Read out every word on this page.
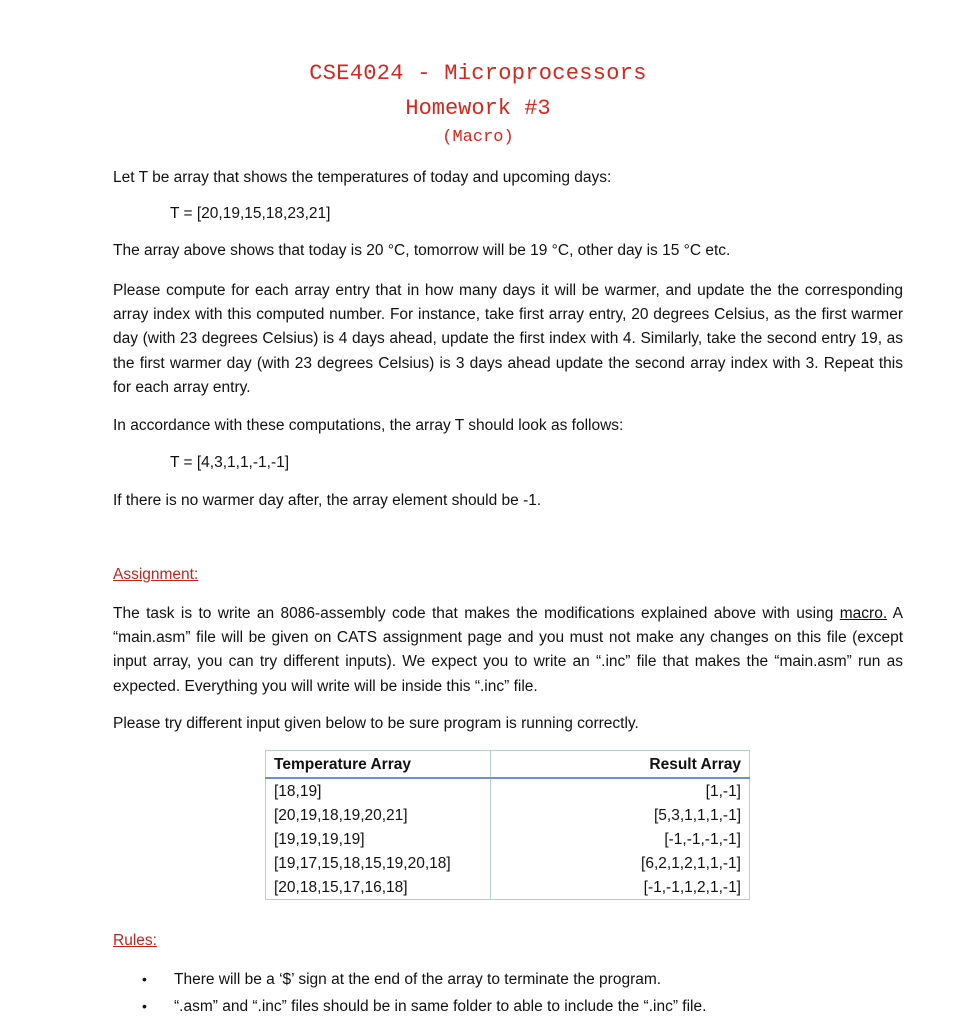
CSE4024 - Microprocessors
Homework #3
(Macro)

Let T be array that shows the temperatures of today and upcoming days:

T = [20,19,15,18,23,21]

The array above shows that today is 20 °C, tomorrow will be 19 °C, other day is 15 °C etc.

Please compute for each array entry that in how many days it will be warmer, and update the the corresponding array index with this computed number. For instance, take first array entry, 20 degrees Celsius, as the first warmer day (with 23 degrees Celsius) is 4 days ahead, update the first index with 4. Similarly, take the second entry 19, as the first warmer day (with 23 degrees Celsius) is 3 days ahead update the second array index with 3. Repeat this for each array entry.

In accordance with these computations, the array T should look as follows:

T = [4,3,1,1,-1,-1]

If there is no warmer day after, the array element should be -1.

Assignment:

The task is to write an 8086-assembly code that makes the modifications explained above with using macro. A “main.asm” file will be given on CATS assignment page and you must not make any changes on this file (except input array, you can try different inputs). We expect you to write an “.inc” file that makes the “main.asm” run as expected. Everything you will write will be inside this “.inc” file.

Please try different input given below to be sure program is running correctly.

Temperature Array	Result Array
[18,19]	[1,-1]
[20,19,18,19,20,21]	[5,3,1,1,1,-1]
[19,19,19,19]	[-1,-1,-1,-1]
[19,17,15,18,15,19,20,18]	[6,2,1,2,1,1,-1]
[20,18,15,17,16,18]	[-1,-1,1,2,1,-1]

Rules:

• There will be a ‘$’ sign at the end of the array to terminate the program.
• “.asm” and “.inc” files should be in same folder to able to include the “.inc” file.
